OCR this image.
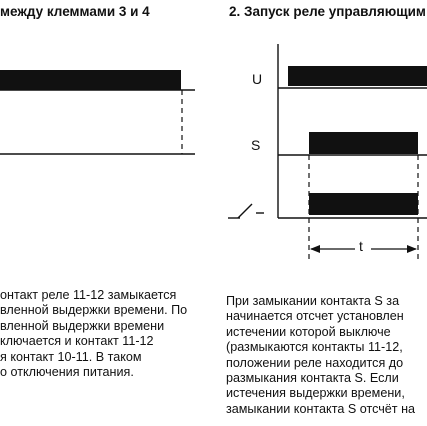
между клеммами 3 и 4	2. Запуск реле управляющим
U
S
t
онтакт реле 11-12 замыкается
вленной выдержки времени. По
вленной выдержки времени
ключается и контакт 11-12
я контакт 10-11. В таком
о отключения питания.
При замыкании контакта S за
начинается отсчет установлен
истечении которой выключе
(размыкаются контакты 11-12,
положении реле находится до
размыкания контакта S. Если
истечения выдержки времени,
замыкании контакта S отсчёт на
